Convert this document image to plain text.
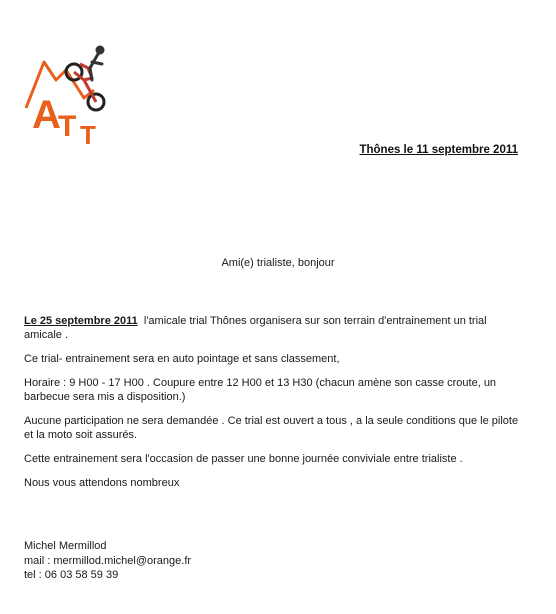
A
T T	Thônes le 11 septembre 2011
Ami(e) trialiste, bonjour

Le 25 septembre 2011 l'amicale trial Thônes organisera sur son terrain d'entrainement un trial amicale .

Ce trial- entrainement sera en auto pointage et sans classement,

Horaire : 9 H00 - 17 H00 . Coupure entre 12 H00 et 13 H30 (chacun amène son casse croute, un barbecue sera mis a disposition.)

Aucune participation ne sera demandée . Ce trial est ouvert a tous , a la seule conditions que le pilote et la moto soit assurés.

Cette entrainement sera l'occasion de passer une bonne journée conviviale entre trialiste .

Nous vous attendons nombreux

Michel Mermillod
mail : mermillod.michel@orange.fr
tel : 06 03 58 59 39
